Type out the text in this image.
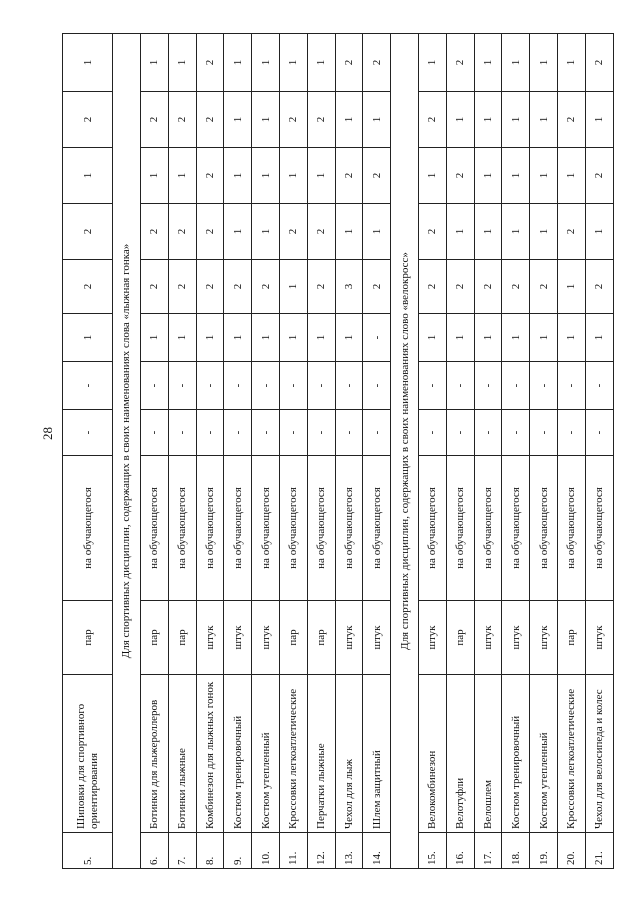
28
5.	Шиповки для спортивного ориентирования	пар	на обучающегося	-	-	1	2	2	1	2	1
Для спортивных дисциплин, содержащих в своих наименованиях слова «лыжная гонка»											
6.	Ботинки для лыжероллеров	пар	на обучающегося	-	-	1	2	2	1	2	1
7.	Ботинки лыжные	пар	на обучающегося	-	-	1	2	2	1	2	1
8.	Комбинезон для лыжных гонок	штук	на обучающегося	-	-	1	2	2	2	2	2
9.	Костюм тренировочный	штук	на обучающегося	-	-	1	2	1	1	1	1
10.	Костюм утепленный	штук	на обучающегося	-	-	1	2	1	1	1	1
11.	Кроссовки легкоатлетические	пар	на обучающегося	-	-	1	1	2	1	2	1
12.	Перчатки лыжные	пар	на обучающегося	-	-	1	2	2	1	2	1
13.	Чехол для лыж	штук	на обучающегося	-	-	1	3	1	2	1	2
14.	Шлем защитный	штук	на обучающегося	-	-	-	2	1	2	1	2
Для спортивных дисциплин, содержащих в своих наименованиях слово «велокросс»											
15.	Велокомбинезон	штук	на обучающегося	-	-	1	2	2	1	2	1
16.	Велотуфли	пар	на обучающегося	-	-	1	2	1	2	1	2
17.	Велошлем	штук	на обучающегося	-	-	1	2	1	1	1	1
18.	Костюм тренировочный	штук	на обучающегося	-	-	1	2	1	1	1	1
19.	Костюм утепленный	штук	на обучающегося	-	-	1	2	1	1	1	1
20.	Кроссовки легкоатлетические	пар	на обучающегося	-	-	1	1	2	1	2	1
21.	Чехол для велосипеда и колес	штук	на обучающегося	-	-	1	2	1	2	1	2
